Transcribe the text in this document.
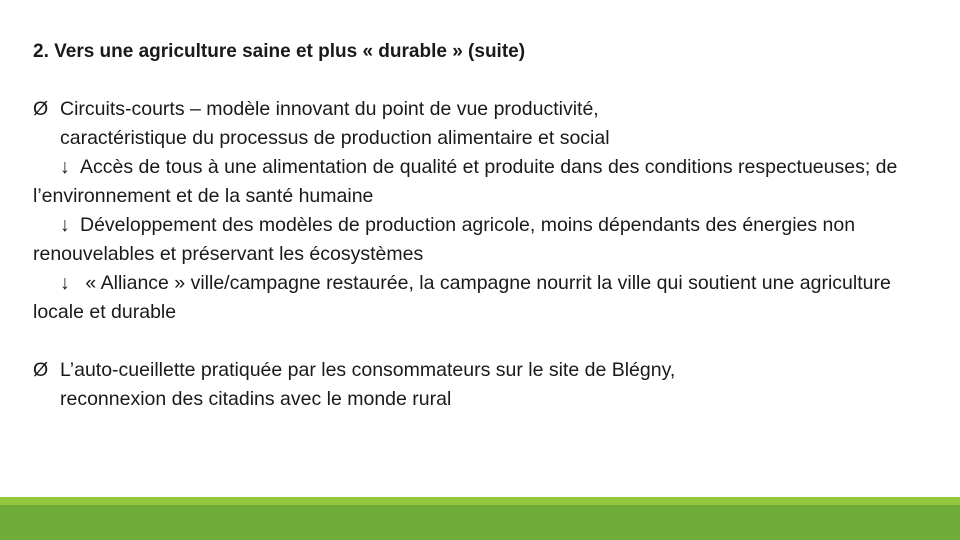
2. Vers une agriculture saine et plus « durable » (suite)
Ø Circuits-courts – modèle innovant du point de vue productivité,
caractéristique du processus de production alimentaire et social
↓ Accès de tous à une alimentation de qualité et produite dans des conditions respectueuses; de l’environnement et de la santé humaine
↓ Développement des modèles de production agricole, moins dépendants des énergies non renouvelables et préservant les écosystèmes
↓ « Alliance » ville/campagne restaurée, la campagne nourrit la ville qui soutient une agriculture locale et durable
Ø L’auto-cueillette pratiquée par les consommateurs sur le site de Blégny,
reconnexion des citadins avec le monde rural
